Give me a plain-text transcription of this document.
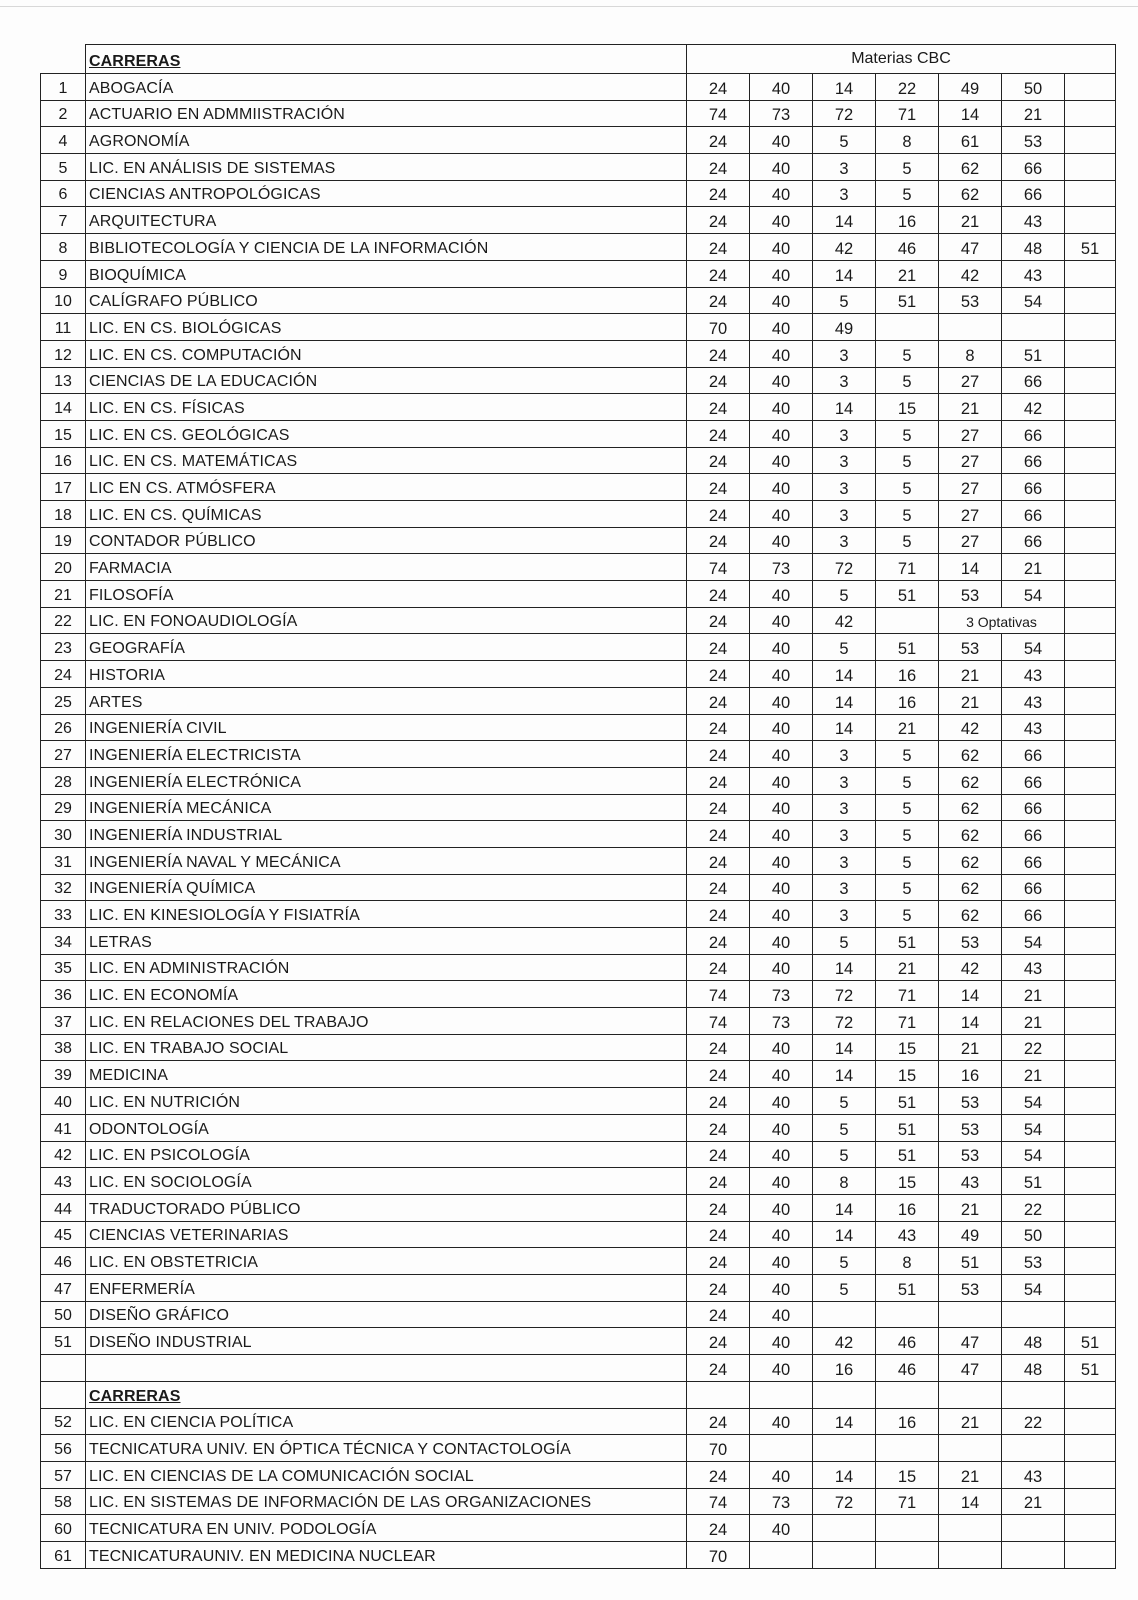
	CARRERAS	Materias CBC						
1	ABOGACÍA	24	40	14	22	49	50	
2	ACTUARIO EN ADMMIISTRACIÓN	74	73	72	71	14	21	
4	AGRONOMÍA	24	40	5	8	61	53	
5	LIC. EN ANÁLISIS DE SISTEMAS	24	40	3	5	62	66	
6	CIENCIAS ANTROPOLÓGICAS	24	40	3	5	62	66	
7	ARQUITECTURA	24	40	14	16	21	43	
8	BIBLIOTECOLOGÍA Y CIENCIA DE LA INFORMACIÓN	24	40	42	46	47	48	51
9	BIOQUÍMICA	24	40	14	21	42	43	
10	CALÍGRAFO PÚBLICO	24	40	5	51	53	54	
11	LIC. EN CS. BIOLÓGICAS	70	40	49				
12	LIC. EN CS. COMPUTACIÓN	24	40	3	5	8	51	
13	CIENCIAS DE LA EDUCACIÓN	24	40	3	5	27	66	
14	LIC. EN CS. FÍSICAS	24	40	14	15	21	42	
15	LIC. EN CS. GEOLÓGICAS	24	40	3	5	27	66	
16	LIC. EN CS. MATEMÁTICAS	24	40	3	5	27	66	
17	LIC EN CS. ATMÓSFERA	24	40	3	5	27	66	
18	LIC. EN CS. QUÍMICAS	24	40	3	5	27	66	
19	CONTADOR PÚBLICO	24	40	3	5	27	66	
20	FARMACIA	74	73	72	71	14	21	
21	FILOSOFÍA	24	40	5	51	53	54	
22	LIC. EN FONOAUDIOLOGÍA	24	40	42		3 Optativas		
23	GEOGRAFÍA	24	40	5	51	53	54	
24	HISTORIA	24	40	14	16	21	43	
25	ARTES	24	40	14	16	21	43	
26	INGENIERÍA CIVIL	24	40	14	21	42	43	
27	INGENIERÍA ELECTRICISTA	24	40	3	5	62	66	
28	INGENIERÍA ELECTRÓNICA	24	40	3	5	62	66	
29	INGENIERÍA MECÁNICA	24	40	3	5	62	66	
30	INGENIERÍA INDUSTRIAL	24	40	3	5	62	66	
31	INGENIERÍA NAVAL Y MECÁNICA	24	40	3	5	62	66	
32	INGENIERÍA QUÍMICA	24	40	3	5	62	66	
33	LIC. EN KINESIOLOGÍA Y FISIATRÍA	24	40	3	5	62	66	
34	LETRAS	24	40	5	51	53	54	
35	LIC. EN ADMINISTRACIÓN	24	40	14	21	42	43	
36	LIC. EN ECONOMÍA	74	73	72	71	14	21	
37	LIC. EN RELACIONES DEL TRABAJO	74	73	72	71	14	21	
38	LIC. EN TRABAJO SOCIAL	24	40	14	15	21	22	
39	MEDICINA	24	40	14	15	16	21	
40	LIC. EN NUTRICIÓN	24	40	5	51	53	54	
41	ODONTOLOGÍA	24	40	5	51	53	54	
42	LIC. EN PSICOLOGÍA	24	40	5	51	53	54	
43	LIC. EN SOCIOLOGÍA	24	40	8	15	43	51	
44	TRADUCTORADO PÚBLICO	24	40	14	16	21	22	
45	CIENCIAS VETERINARIAS	24	40	14	43	49	50	
46	LIC. EN OBSTETRICIA	24	40	5	8	51	53	
47	ENFERMERÍA	24	40	5	51	53	54	
50	DISEÑO GRÁFICO	24	40					
51	DISEÑO INDUSTRIAL	24	40	42	46	47	48	51
		24	40	16	46	47	48	51
	CARRERAS							
52	LIC. EN CIENCIA POLÍTICA	24	40	14	16	21	22	
56	TECNICATURA UNIV. EN ÓPTICA TÉCNICA Y CONTACTOLOGÍA	70						
57	LIC. EN CIENCIAS DE LA COMUNICACIÓN SOCIAL	24	40	14	15	21	43	
58	LIC. EN SISTEMAS DE INFORMACIÓN DE LAS ORGANIZACIONES	74	73	72	71	14	21	
60	TECNICATURA EN UNIV. PODOLOGÍA	24	40					
61	TECNICATURAUNIV. EN MEDICINA NUCLEAR	70						
